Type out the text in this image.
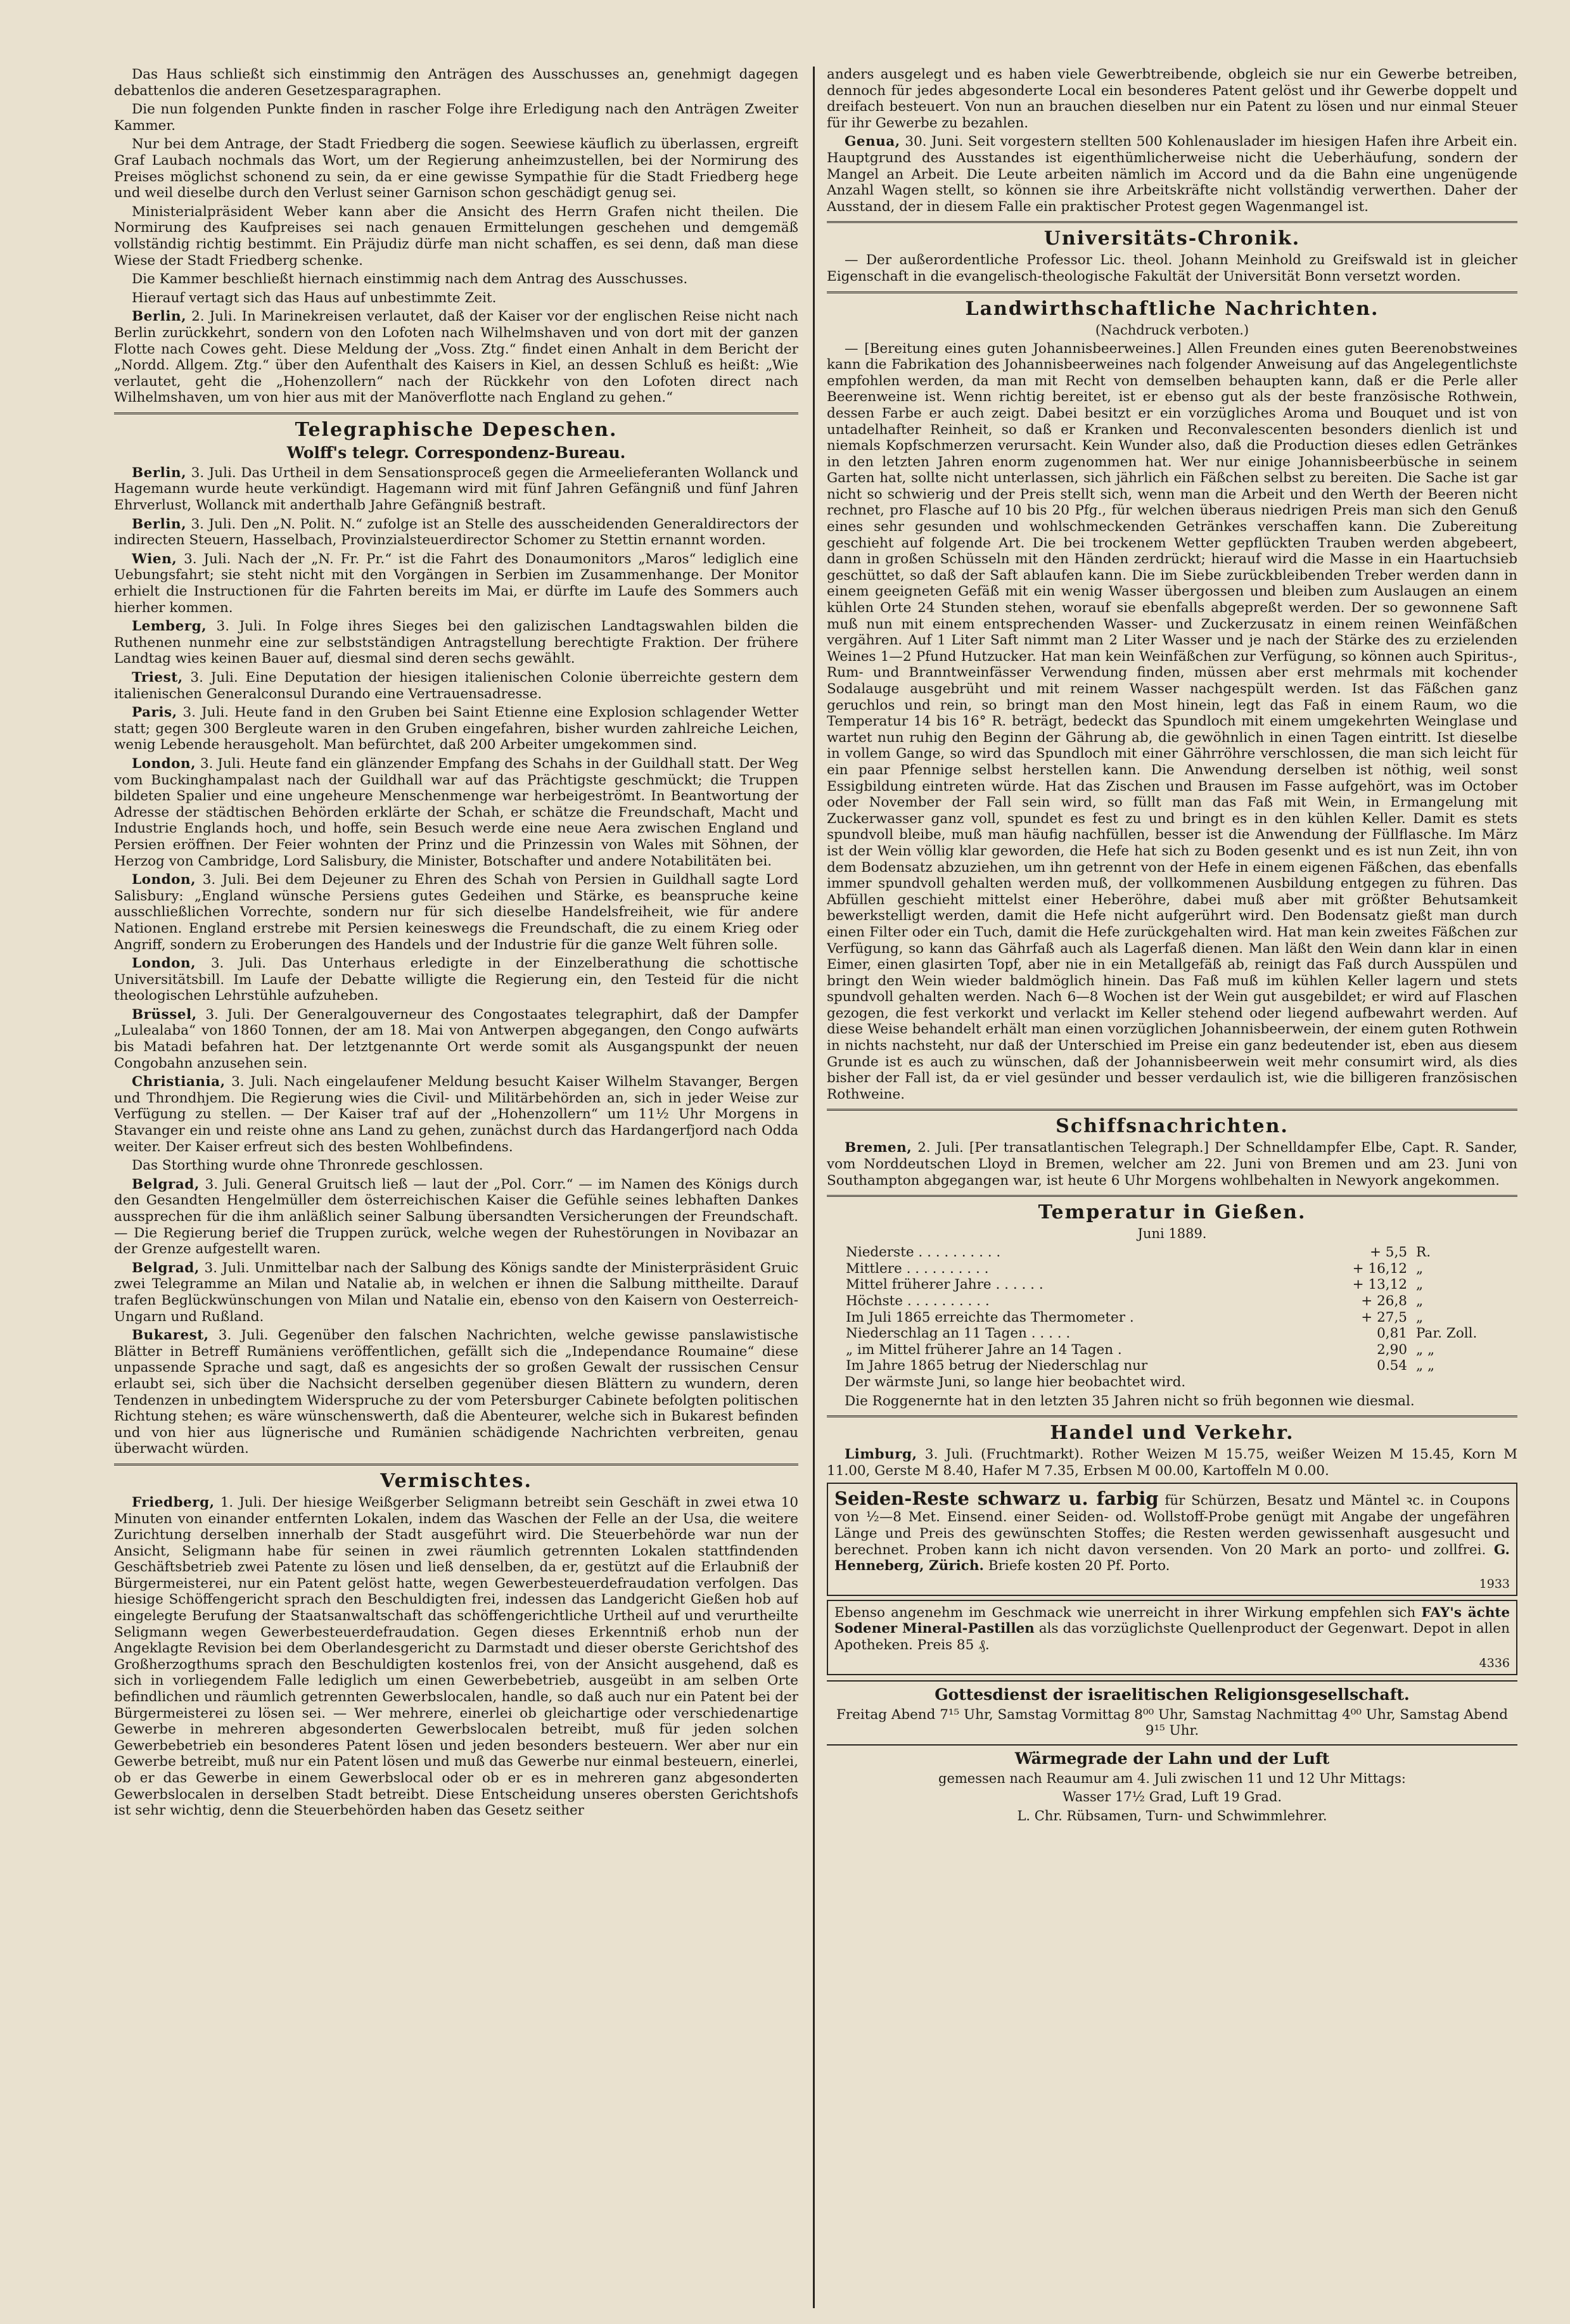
Das Haus schließt sich einstimmig den Anträgen des Ausschusses an, genehmigt dagegen debattenlos die anderen Gesetzesparagraphen.

Die nun folgenden Punkte finden in rascher Folge ihre Erledigung nach den Anträgen Zweiter Kammer.

Nur bei dem Antrage, der Stadt Friedberg die sogen. Seewiese käuflich zu überlassen, ergreift Graf Laubach nochmals das Wort, um der Regierung anheimzustellen, bei der Normirung des Preises möglichst schonend zu sein, da er eine gewisse Sympathie für die Stadt Friedberg hege und weil dieselbe durch den Verlust seiner Garnison schon geschädigt genug sei.

Ministerialpräsident Weber kann aber die Ansicht des Herrn Grafen nicht theilen. Die Normirung des Kaufpreises sei nach genauen Ermittelungen geschehen und demgemäß vollständig richtig bestimmt. Ein Präjudiz dürfe man nicht schaffen, es sei denn, daß man diese Wiese der Stadt Friedberg schenke.

Die Kammer beschließt hiernach einstimmig nach dem Antrag des Ausschusses.

Hierauf vertagt sich das Haus auf unbestimmte Zeit.

Berlin, 2. Juli. In Marinekreisen verlautet, daß der Kaiser vor der englischen Reise nicht nach Berlin zurückkehrt, sondern von den Lofoten nach Wilhelmshaven und von dort mit der ganzen Flotte nach Cowes geht. Diese Meldung der „Voss. Ztg.“ findet einen Anhalt in dem Bericht der „Nordd. Allgem. Ztg.“ über den Aufenthalt des Kaisers in Kiel, an dessen Schluß es heißt: „Wie verlautet, geht die „Hohenzollern“ nach der Rückkehr von den Lofoten direct nach Wilhelmshaven, um von hier aus mit der Manöverflotte nach England zu gehen.“

Telegraphische Depeschen.
Wolff's telegr. Correspondenz-Bureau.

Berlin, 3. Juli. Das Urtheil in dem Sensationsproceß gegen die Armeelieferanten Wollanck und Hagemann wurde heute verkündigt. Hagemann wird mit fünf Jahren Gefängniß und fünf Jahren Ehrverlust, Wollanck mit anderthalb Jahre Gefängniß bestraft.

Berlin, 3. Juli. Den „N. Polit. N.“ zufolge ist an Stelle des ausscheidenden Generaldirectors der indirecten Steuern, Hasselbach, Provinzialsteuerdirector Schomer zu Stettin ernannt worden.

Wien, 3. Juli. Nach der „N. Fr. Pr.“ ist die Fahrt des Donaumonitors „Maros“ lediglich eine Uebungsfahrt; sie steht nicht mit den Vorgängen in Serbien im Zusammenhange. Der Monitor erhielt die Instructionen für die Fahrten bereits im Mai, er dürfte im Laufe des Sommers auch hierher kommen.

Lemberg, 3. Juli. In Folge ihres Sieges bei den galizischen Landtagswahlen bilden die Ruthenen nunmehr eine zur selbstständigen Antragstellung berechtigte Fraktion. Der frühere Landtag wies keinen Bauer auf, diesmal sind deren sechs gewählt.

Triest, 3. Juli. Eine Deputation der hiesigen italienischen Colonie überreichte gestern dem italienischen Generalconsul Durando eine Vertrauensadresse.

Paris, 3. Juli. Heute fand in den Gruben bei Saint Etienne eine Explosion schlagender Wetter statt; gegen 300 Bergleute waren in den Gruben eingefahren, bisher wurden zahlreiche Leichen, wenig Lebende herausgeholt. Man befürchtet, daß 200 Arbeiter umgekommen sind.

London, 3. Juli. Heute fand ein glänzender Empfang des Schahs in der Guildhall statt. Der Weg vom Buckinghampalast nach der Guildhall war auf das Prächtigste geschmückt; die Truppen bildeten Spalier und eine ungeheure Menschenmenge war herbeigeströmt. In Beantwortung der Adresse der städtischen Behörden erklärte der Schah, er schätze die Freundschaft, Macht und Industrie Englands hoch, und hoffe, sein Besuch werde eine neue Aera zwischen England und Persien eröffnen. Der Feier wohnten der Prinz und die Prinzessin von Wales mit Söhnen, der Herzog von Cambridge, Lord Salisbury, die Minister, Botschafter und andere Notabilitäten bei.

London, 3. Juli. Bei dem Dejeuner zu Ehren des Schah von Persien in Guildhall sagte Lord Salisbury: „England wünsche Persiens gutes Gedeihen und Stärke, es beanspruche keine ausschließlichen Vorrechte, sondern nur für sich dieselbe Handelsfreiheit, wie für andere Nationen. England erstrebe mit Persien keineswegs die Freundschaft, die zu einem Krieg oder Angriff, sondern zu Eroberungen des Handels und der Industrie für die ganze Welt führen solle.

London, 3. Juli. Das Unterhaus erledigte in der Einzelberathung die schottische Universitätsbill. Im Laufe der Debatte willigte die Regierung ein, den Testeid für die nicht theologischen Lehrstühle aufzuheben.

Brüssel, 3. Juli. Der Generalgouverneur des Congostaates telegraphirt, daß der Dampfer „Lulealaba“ von 1860 Tonnen, der am 18. Mai von Antwerpen abgegangen, den Congo aufwärts bis Matadi befahren hat. Der letztgenannte Ort werde somit als Ausgangspunkt der neuen Congobahn anzusehen sein.

Christiania, 3. Juli. Nach eingelaufener Meldung besucht Kaiser Wilhelm Stavanger, Bergen und Throndhjem. Die Regierung wies die Civil- und Militärbehörden an, sich in jeder Weise zur Verfügung zu stellen. — Der Kaiser traf auf der „Hohenzollern“ um 11½ Uhr Morgens in Stavanger ein und reiste ohne ans Land zu gehen, zunächst durch das Hardangerfjord nach Odda weiter. Der Kaiser erfreut sich des besten Wohlbefindens.

Das Storthing wurde ohne Thronrede geschlossen.

Belgrad, 3. Juli. General Gruitsch ließ — laut der „Pol. Corr.“ — im Namen des Königs durch den Gesandten Hengelmüller dem österreichischen Kaiser die Gefühle seines lebhaften Dankes aussprechen für die ihm anläßlich seiner Salbung übersandten Versicherungen der Freundschaft. — Die Regierung berief die Truppen zurück, welche wegen der Ruhestörungen in Novibazar an der Grenze aufgestellt waren.

Belgrad, 3. Juli. Unmittelbar nach der Salbung des Königs sandte der Ministerpräsident Gruic zwei Telegramme an Milan und Natalie ab, in welchen er ihnen die Salbung mittheilte. Darauf trafen Beglückwünschungen von Milan und Natalie ein, ebenso von den Kaisern von Oesterreich-Ungarn und Rußland.

Bukarest, 3. Juli. Gegenüber den falschen Nachrichten, welche gewisse panslawistische Blätter in Betreff Rumäniens veröffentlichen, gefällt sich die „Independance Roumaine“ diese unpassende Sprache und sagt, daß es angesichts der so großen Gewalt der russischen Censur erlaubt sei, sich über die Nachsicht derselben gegenüber diesen Blättern zu wundern, deren Tendenzen in unbedingtem Widerspruche zu der vom Petersburger Cabinete befolgten politischen Richtung stehen; es wäre wünschenswerth, daß die Abenteurer, welche sich in Bukarest befinden und von hier aus lügnerische und Rumänien schädigende Nachrichten verbreiten, genau überwacht würden.

Vermischtes.

Friedberg, 1. Juli. Der hiesige Weißgerber Seligmann betreibt sein Geschäft in zwei etwa 10 Minuten von einander entfernten Lokalen, indem das Waschen der Felle an der Usa, die weitere Zurichtung derselben innerhalb der Stadt ausgeführt wird. Die Steuerbehörde war nun der Ansicht, Seligmann habe für seinen in zwei räumlich getrennten Lokalen stattfindenden Geschäftsbetrieb zwei Patente zu lösen und ließ denselben, da er, gestützt auf die Erlaubniß der Bürgermeisterei, nur ein Patent gelöst hatte, wegen Gewerbesteuerdefraudation verfolgen. Das hiesige Schöffengericht sprach den Beschuldigten frei, indessen das Landgericht Gießen hob auf eingelegte Berufung der Staatsanwaltschaft das schöffengerichtliche Urtheil auf und verurtheilte Seligmann wegen Gewerbesteuerdefraudation. Gegen dieses Erkenntniß erhob nun der Angeklagte Revision bei dem Oberlandesgericht zu Darmstadt und dieser oberste Gerichtshof des Großherzogthums sprach den Beschuldigten kostenlos frei, von der Ansicht ausgehend, daß es sich in vorliegendem Falle lediglich um einen Gewerbebetrieb, ausgeübt in am selben Orte befindlichen und räumlich getrennten Gewerbslocalen, handle, so daß auch nur ein Patent bei der Bürgermeisterei zu lösen sei. — Wer mehrere, einerlei ob gleichartige oder verschiedenartige Gewerbe in mehreren abgesonderten Gewerbslocalen betreibt, muß für jeden solchen Gewerbebetrieb ein besonderes Patent lösen und jeden besonders besteuern. Wer aber nur ein Gewerbe betreibt, muß nur ein Patent lösen und muß das Gewerbe nur einmal besteuern, einerlei, ob er das Gewerbe in einem Gewerbslocal oder ob er es in mehreren ganz abgesonderten Gewerbslocalen in derselben Stadt betreibt. Diese Entscheidung unseres obersten Gerichtshofs ist sehr wichtig, denn die Steuerbehörden haben das Gesetz seither

anders ausgelegt und es haben viele Gewerbtreibende, obgleich sie nur ein Gewerbe betreiben, dennoch für jedes abgesonderte Local ein besonderes Patent gelöst und ihr Gewerbe doppelt und dreifach besteuert. Von nun an brauchen dieselben nur ein Patent zu lösen und nur einmal Steuer für ihr Gewerbe zu bezahlen.

Genua, 30. Juni. Seit vorgestern stellten 500 Kohlenauslader im hiesigen Hafen ihre Arbeit ein. Hauptgrund des Ausstandes ist eigenthümlicherweise nicht die Ueberhäufung, sondern der Mangel an Arbeit. Die Leute arbeiten nämlich im Accord und da die Bahn eine ungenügende Anzahl Wagen stellt, so können sie ihre Arbeitskräfte nicht vollständig verwerthen. Daher der Ausstand, der in diesem Falle ein praktischer Protest gegen Wagenmangel ist.

Universitäts-Chronik.

— Der außerordentliche Professor Lic. theol. Johann Meinhold zu Greifswald ist in gleicher Eigenschaft in die evangelisch-theologische Fakultät der Universität Bonn versetzt worden.

Landwirthschaftliche Nachrichten.
(Nachdruck verboten.)

— [Bereitung eines guten Johannisbeerweines.] Allen Freunden eines guten Beerenobstweines kann die Fabrikation des Johannisbeerweines nach folgender Anweisung auf das Angelegentlichste empfohlen werden, da man mit Recht von demselben behaupten kann, daß er die Perle aller Beerenweine ist. Wenn richtig bereitet, ist er ebenso gut als der beste französische Rothwein, dessen Farbe er auch zeigt. Dabei besitzt er ein vorzügliches Aroma und Bouquet und ist von untadelhafter Reinheit, so daß er Kranken und Reconvalescenten besonders dienlich ist und niemals Kopfschmerzen verursacht. Kein Wunder also, daß die Production dieses edlen Getränkes in den letzten Jahren enorm zugenommen hat. Wer nur einige Johannisbeerbüsche in seinem Garten hat, sollte nicht unterlassen, sich jährlich ein Fäßchen selbst zu bereiten. Die Sache ist gar nicht so schwierig und der Preis stellt sich, wenn man die Arbeit und den Werth der Beeren nicht rechnet, pro Flasche auf 10 bis 20 Pfg., für welchen überaus niedrigen Preis man sich den Genuß eines sehr gesunden und wohlschmeckenden Getränkes verschaffen kann. Die Zubereitung geschieht auf folgende Art. Die bei trockenem Wetter gepflückten Trauben werden abgebeert, dann in großen Schüsseln mit den Händen zerdrückt; hierauf wird die Masse in ein Haartuchsieb geschüttet, so daß der Saft ablaufen kann. Die im Siebe zurückbleibenden Treber werden dann in einem geeigneten Gefäß mit ein wenig Wasser übergossen und bleiben zum Auslaugen an einem kühlen Orte 24 Stunden stehen, worauf sie ebenfalls abgepreßt werden. Der so gewonnene Saft muß nun mit einem entsprechenden Wasser- und Zuckerzusatz in einem reinen Weinfäßchen vergähren. Auf 1 Liter Saft nimmt man 2 Liter Wasser und je nach der Stärke des zu erzielenden Weines 1—2 Pfund Hutzucker. Hat man kein Weinfäßchen zur Verfügung, so können auch Spiritus-, Rum- und Branntweinfässer Verwendung finden, müssen aber erst mehrmals mit kochender Sodalauge ausgebrüht und mit reinem Wasser nachgespült werden. Ist das Fäßchen ganz geruchlos und rein, so bringt man den Most hinein, legt das Faß in einem Raum, wo die Temperatur 14 bis 16° R. beträgt, bedeckt das Spundloch mit einem umgekehrten Weinglase und wartet nun ruhig den Beginn der Gährung ab, die gewöhnlich in einen Tagen eintritt. Ist dieselbe in vollem Gange, so wird das Spundloch mit einer Gährröhre verschlossen, die man sich leicht für ein paar Pfennige selbst herstellen kann. Die Anwendung derselben ist nöthig, weil sonst Essigbildung eintreten würde. Hat das Zischen und Brausen im Fasse aufgehört, was im October oder November der Fall sein wird, so füllt man das Faß mit Wein, in Ermangelung mit Zuckerwasser ganz voll, spundet es fest zu und bringt es in den kühlen Keller. Damit es stets spundvoll bleibe, muß man häufig nachfüllen, besser ist die Anwendung der Füllflasche. Im März ist der Wein völlig klar geworden, die Hefe hat sich zu Boden gesenkt und es ist nun Zeit, ihn von dem Bodensatz abzuziehen, um ihn getrennt von der Hefe in einem eigenen Fäßchen, das ebenfalls immer spundvoll gehalten werden muß, der vollkommenen Ausbildung entgegen zu führen. Das Abfüllen geschieht mittelst einer Heberöhre, dabei muß aber mit größter Behutsamkeit bewerkstelligt werden, damit die Hefe nicht aufgerührt wird. Den Bodensatz gießt man durch einen Filter oder ein Tuch, damit die Hefe zurückgehalten wird. Hat man kein zweites Fäßchen zur Verfügung, so kann das Gährfaß auch als Lagerfaß dienen. Man läßt den Wein dann klar in einen Eimer, einen glasirten Topf, aber nie in ein Metallgefäß ab, reinigt das Faß durch Ausspülen und bringt den Wein wieder baldmöglich hinein. Das Faß muß im kühlen Keller lagern und stets spundvoll gehalten werden. Nach 6—8 Wochen ist der Wein gut ausgebildet; er wird auf Flaschen gezogen, die fest verkorkt und verlackt im Keller stehend oder liegend aufbewahrt werden. Auf diese Weise behandelt erhält man einen vorzüglichen Johannisbeerwein, der einem guten Rothwein in nichts nachsteht, nur daß der Unterschied im Preise ein ganz bedeutender ist, eben aus diesem Grunde ist es auch zu wünschen, daß der Johannisbeerwein weit mehr consumirt wird, als dies bisher der Fall ist, da er viel gesünder und besser verdaulich ist, wie die billigeren französischen Rothweine.

Schiffsnachrichten.

Bremen, 2. Juli. [Per transatlantischen Telegraph.] Der Schnelldampfer Elbe, Capt. R. Sander, vom Norddeutschen Lloyd in Bremen, welcher am 22. Juni von Bremen und am 23. Juni von Southampton abgegangen war, ist heute 6 Uhr Morgens wohlbehalten in Newyork angekommen.

Temperatur in Gießen.
Juni 1889.
Niederste . . . . . . . . . .	+ 5,5 R.
Mittlere . . . . . . . . . .	+ 16,12 „
Mittel früherer Jahre . . . . . .	+ 13,12 „
Höchste . . . . . . . . . .	+ 26,8 „
Im Juli 1865 erreichte das Thermometer .	+ 27,5 „
Niederschlag an 11 Tagen . . . . .	0,81 Par. Zoll.
„ im Mittel früherer Jahre an 14 Tagen .	2,90 „ „
Im Jahre 1865 betrug der Niederschlag nur	0.54 „ „

Der wärmste Juni, so lange hier beobachtet wird.

Die Roggenernte hat in den letzten 35 Jahren nicht so früh begonnen wie diesmal.

Handel und Verkehr.

Limburg, 3. Juli. (Fruchtmarkt). Rother Weizen M 15.75, weißer Weizen M 15.45, Korn M 11.00, Gerste M 8.40, Hafer M 7.35, Erbsen M 00.00, Kartoffeln M 0.00.

Seiden-Reste schwarz u. farbig für Schürzen, Besatz und Mäntel ꝛc. in Coupons von ½—8 Met. Einsend. einer Seiden- od. Wollstoff-Probe genügt mit Angabe der ungefähren Länge und Preis des gewünschten Stoffes; die Resten werden gewissenhaft ausgesucht und berechnet. Proben kann ich nicht davon versenden. Von 20 Mark an porto- und zollfrei. G. Henneberg, Zürich. Briefe kosten 20 Pf. Porto.

1933

Ebenso angenehm im Geschmack wie unerreicht in ihrer Wirkung empfehlen sich FAY's ächte Sodener Mineral-Pastillen als das vorzüglichste Quellenproduct der Gegenwart. Depot in allen Apotheken. Preis 85 ₰.

4336
Gottesdienst der israelitischen Religionsgesellschaft.

Freitag Abend 7¹⁵ Uhr, Samstag Vormittag 8⁰⁰ Uhr, Samstag Nachmittag 4⁰⁰ Uhr, Samstag Abend 9¹⁵ Uhr.

Wärmegrade der Lahn und der Luft

gemessen nach Reaumur am 4. Juli zwischen 11 und 12 Uhr Mittags:

Wasser 17½ Grad, Luft 19 Grad.

L. Chr. Rübsamen, Turn- und Schwimmlehrer.
